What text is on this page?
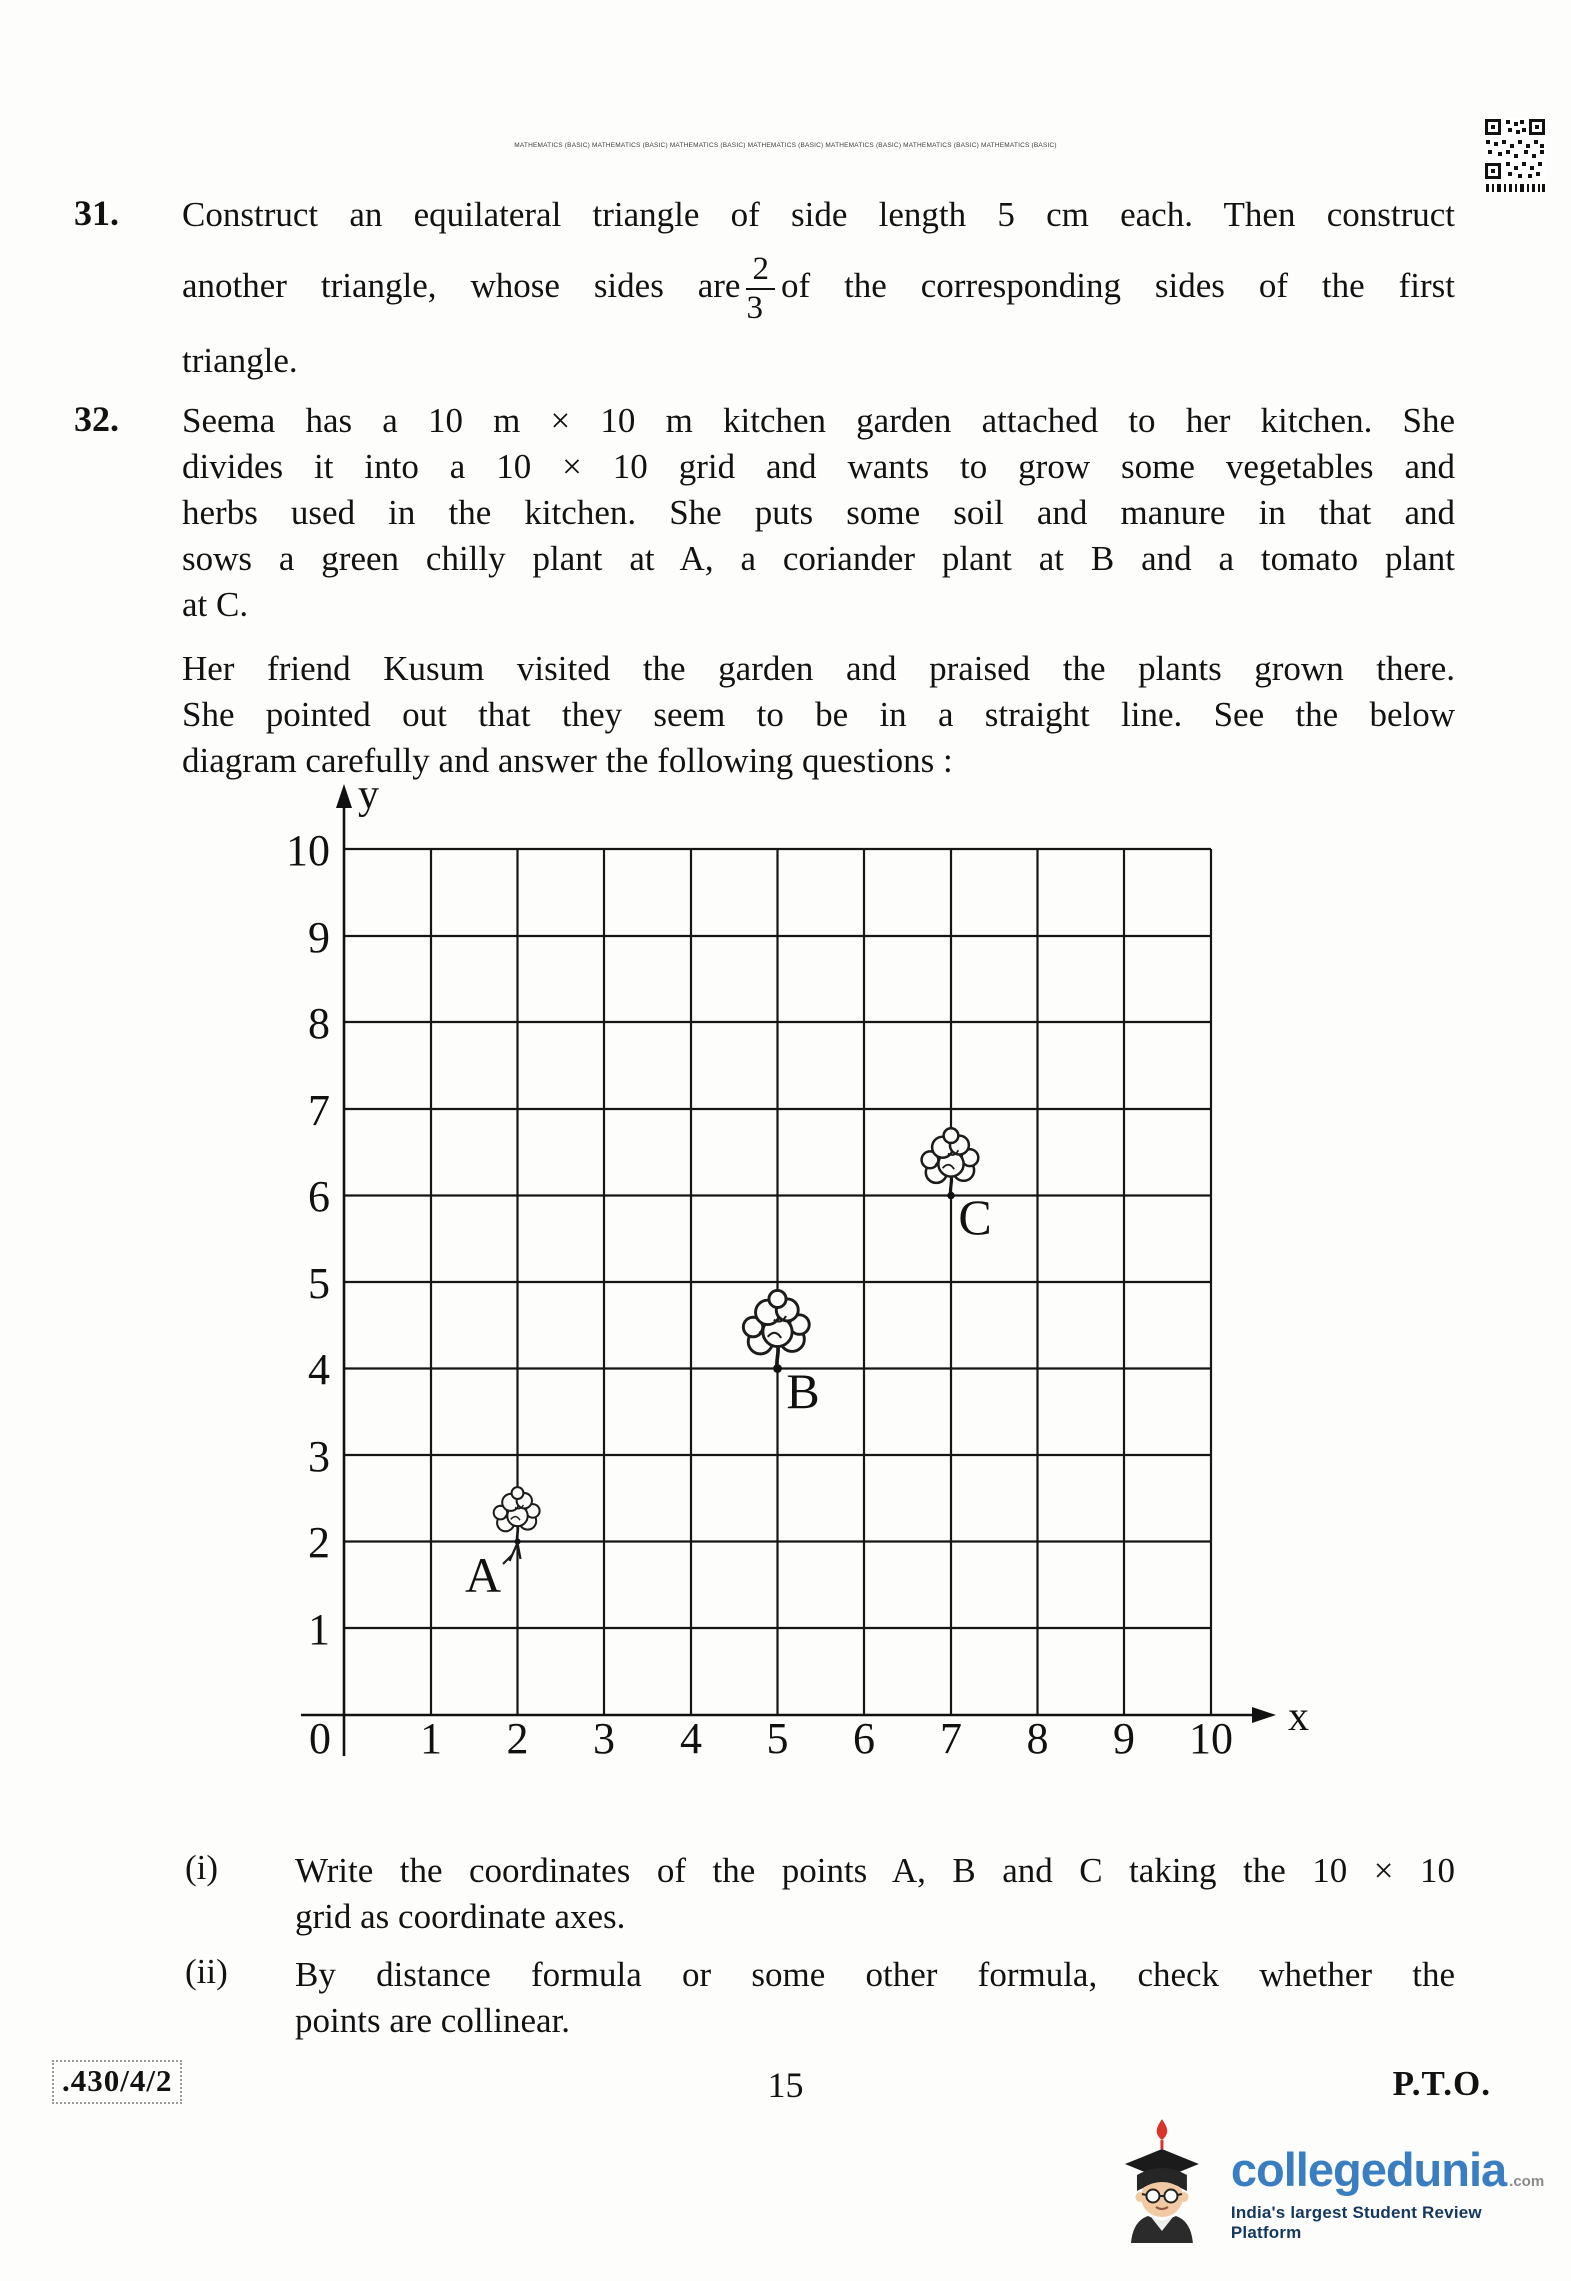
MATHEMATICS (BASIC) MATHEMATICS (BASIC) MATHEMATICS (BASIC) MATHEMATICS (BASIC) MATHEMATICS (BASIC) MATHEMATICS (BASIC) MATHEMATICS (BASIC)
31.	Construct an equilateral triangle of side length 5 cm each. Then construct
another triangle, whose sides are $\frac{2}{3}$ of the corresponding sides of the first
triangle.
32.	Seema has a 10 m × 10 m kitchen garden attached to her kitchen. She
divides it into a 10 × 10 grid and wants to grow some vegetables and
herbs used in the kitchen. She puts some soil and manure in that and
sows a green chilly plant at A, a coriander plant at B and a tomato plant
at C.
Her friend Kusum visited the garden and praised the plants grown there.
She pointed out that they seem to be in a straight line. See the below
diagram carefully and answer the following questions :
y
x
10
9
8
7
6
5
4
3
2
1
0 1 2 3 4 5 6 7 8 9 10
A
B
C
(i)	Write the coordinates of the points A, B and C taking the 10 × 10
grid as coordinate axes.
(ii)	By distance formula or some other formula, check whether the
points are collinear.
.430/4/2	15	P.T.O.
collegedunia .com
India's largest Student Review Platform
